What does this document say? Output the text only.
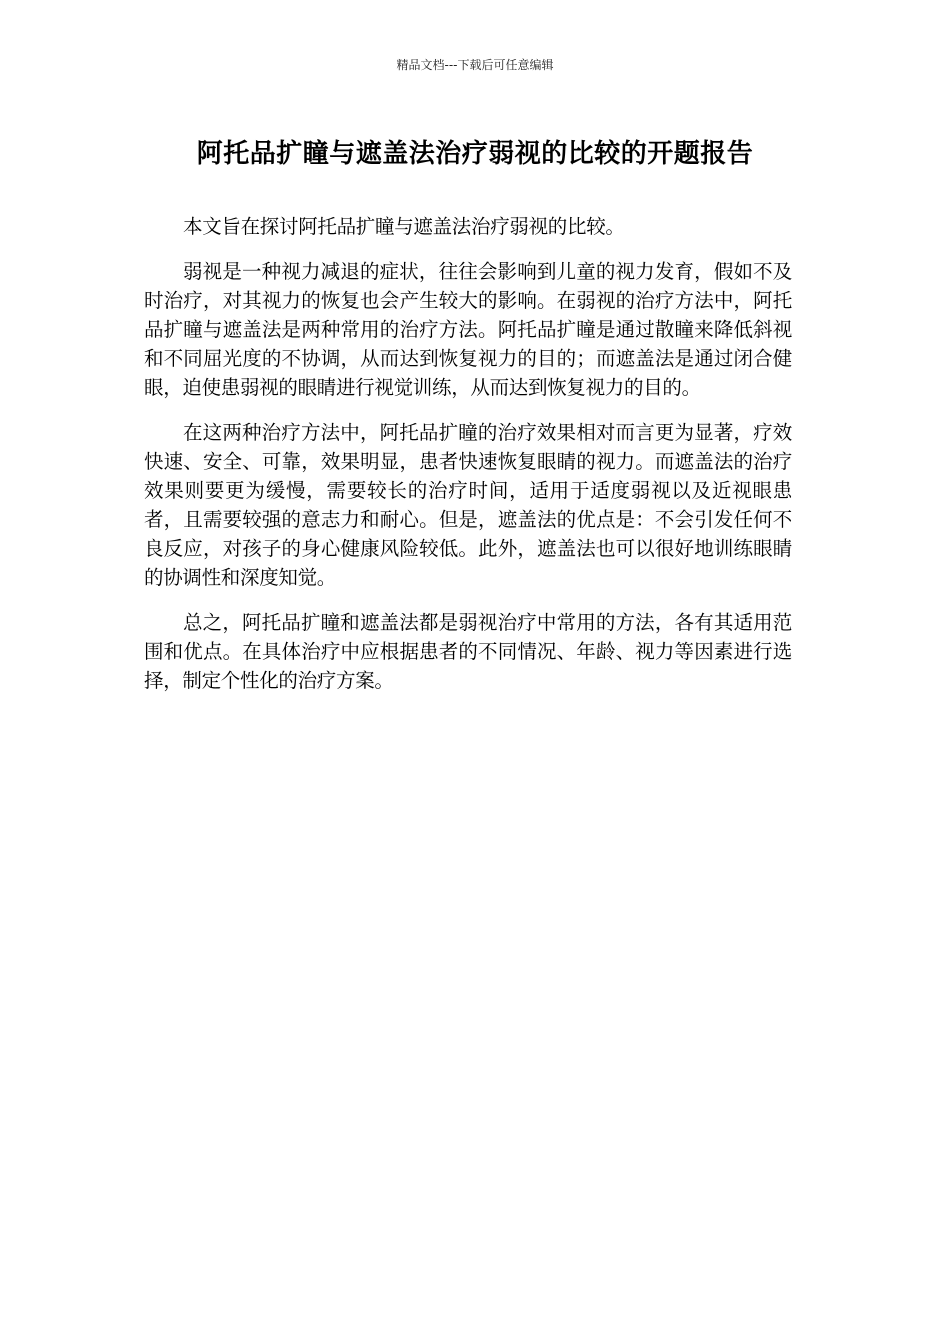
精品文档---下载后可任意编辑
阿托品扩瞳与遮盖法治疗弱视的比较的开题报告

本文旨在探讨阿托品扩瞳与遮盖法治疗弱视的比较。

弱视是一种视力减退的症状，往往会影响到儿童的视力发育，假如不及时治疗，对其视力的恢复也会产生较大的影响。在弱视的治疗方法中，阿托品扩瞳与遮盖法是两种常用的治疗方法。阿托品扩瞳是通过散瞳来降低斜视和不同屈光度的不协调，从而达到恢复视力的目的；而遮盖法是通过闭合健眼，迫使患弱视的眼睛进行视觉训练，从而达到恢复视力的目的。

在这两种治疗方法中，阿托品扩瞳的治疗效果相对而言更为显著，疗效快速、安全、可靠，效果明显，患者快速恢复眼睛的视力。而遮盖法的治疗效果则要更为缓慢，需要较长的治疗时间，适用于适度弱视以及近视眼患者，且需要较强的意志力和耐心。但是，遮盖法的优点是：不会引发任何不良反应，对孩子的身心健康风险较低。此外，遮盖法也可以很好地训练眼睛的协调性和深度知觉。

总之，阿托品扩瞳和遮盖法都是弱视治疗中常用的方法，各有其适用范围和优点。在具体治疗中应根据患者的不同情况、年龄、视力等因素进行选择，制定个性化的治疗方案。
